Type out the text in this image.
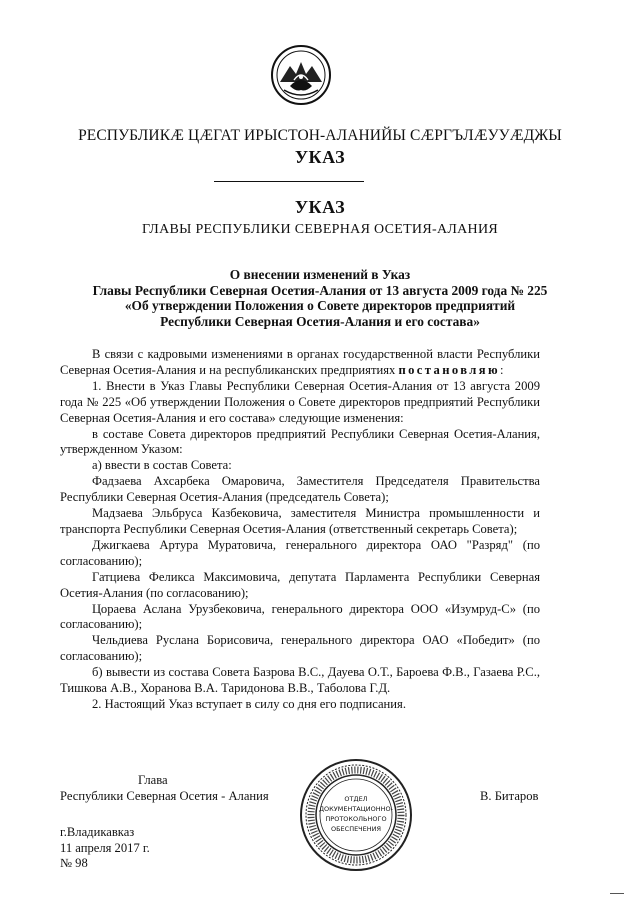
РЕСПУБЛИКӔ ЦӔГАТ ИРЫСТОН-АЛАНИЙЫ СӔРГЪЛӔУУӔДЖЫ
УКАЗ
УКАЗ
ГЛАВЫ РЕСПУБЛИКИ СЕВЕРНАЯ ОСЕТИЯ-АЛАНИЯ
О внесении изменений в Указ
Главы Республики Северная Осетия-Алания от 13 августа 2009 года № 225
«Об утверждении Положения о Совете директоров предприятий
Республики Северная Осетия-Алания и его состава»

В связи с кадровыми изменениями в органах государственной власти Республики Северная Осетия-Алания и на республиканских предприятиях постановляю:

1. Внести в Указ Главы Республики Северная Осетия-Алания от 13 августа 2009 года № 225 «Об утверждении Положения о Совете директоров предприятий Республики Северная Осетия-Алания и его состава» следующие изменения:

в составе Совета директоров предприятий Республики Северная Осетия-Алания, утвержденном Указом:

а) ввести в состав Совета:

Фадзаева Ахсарбека Омаровича, Заместителя Председателя Правительства Республики Северная Осетия-Алания (председатель Совета);

Мадзаева Эльбруса Казбековича, заместителя Министра промышленности и транспорта Республики Северная Осетия-Алания (ответственный секретарь Совета);

Джигкаева Артура Муратовича, генерального директора ОАО "Разряд" (по согласованию);

Гатциева Феликса Максимовича, депутата Парламента Республики Северная Осетия-Алания (по согласованию);

Цораева Аслана Урузбековича, генерального директора ООО «Изумруд-С» (по согласованию);

Чельдиева Руслана Борисовича, генерального директора ОАО «Победит» (по согласованию);

б) вывести из состава Совета Базрова В.С., Дауева О.Т., Бароева Ф.В., Газаева Р.С., Тишкова А.В., Хоранова В.А. Таридонова В.В., Таболова Г.Д.

2. Настоящий Указ вступает в силу со дня его подписания.

ОТДЕЛ
ДОКУМЕНТАЦИОННО-
ПРОТОКОЛЬНОГО
ОБЕСПЕЧЕНИЯ
Глава
Республики Северная Осетия - Алания	В. Битаров
г.Владикавказ
11 апреля 2017 г.
№ 98
